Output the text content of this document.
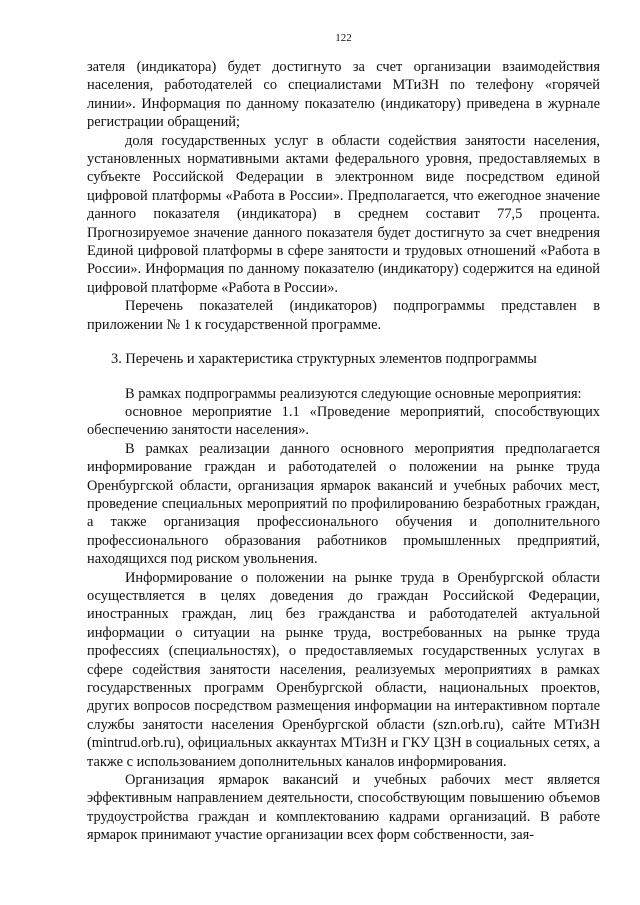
122

зателя (индикатора) будет достигнуто за счет организации взаимодействия населения, работодателей со специалистами МТиЗН по телефону «горячей линии». Информация по данному показателю (индикатору) приведена в журнале регистрации обращений;

доля государственных услуг в области содействия занятости населения, установленных нормативными актами федерального уровня, предоставляемых в субъекте Российской Федерации в электронном виде посредством единой цифровой платформы «Работа в России». Предполагается, что ежегодное значение данного показателя (индикатора) в среднем составит 77,5 процента. Прогнозируемое значение данного показателя будет достигнуто за счет внедрения Единой цифровой платформы в сфере занятости и трудовых отношений «Работа в России». Информация по данному показателю (индикатору) содержится на единой цифровой платформе «Работа в России».

Перечень показателей (индикаторов) подпрограммы представлен в приложении № 1 к государственной программе.

3. Перечень и характеристика структурных элементов подпрограммы

В рамках подпрограммы реализуются следующие основные мероприятия:

основное мероприятие 1.1 «Проведение мероприятий, способствующих обеспечению занятости населения».

В рамках реализации данного основного мероприятия предполагается информирование граждан и работодателей о положении на рынке труда Оренбургской области, организация ярмарок вакансий и учебных рабочих мест, проведение специальных мероприятий по профилированию безработных граждан, а также организация профессионального обучения и дополнительного профессионального образования работников промышленных предприятий, находящихся под риском увольнения.

Информирование о положении на рынке труда в Оренбургской области осуществляется в целях доведения до граждан Российской Федерации, иностранных граждан, лиц без гражданства и работодателей актуальной информации о ситуации на рынке труда, востребованных на рынке труда профессиях (специальностях), о предоставляемых государственных услугах в сфере содействия занятости населения, реализуемых мероприятиях в рамках государственных программ Оренбургской области, национальных проектов, других вопросов посредством размещения информации на интерактивном портале службы занятости населения Оренбургской области (szn.orb.ru), сайте МТиЗН (mintrud.orb.ru), официальных аккаунтах МТиЗН и ГКУ ЦЗН в социальных сетях, а также с использованием дополнительных каналов информирования.

Организация ярмарок вакансий и учебных рабочих мест является эффективным направлением деятельности, способствующим повышению объемов трудоустройства граждан и комплектованию кадрами организаций. В работе ярмарок принимают участие организации всех форм собственности, зая-
